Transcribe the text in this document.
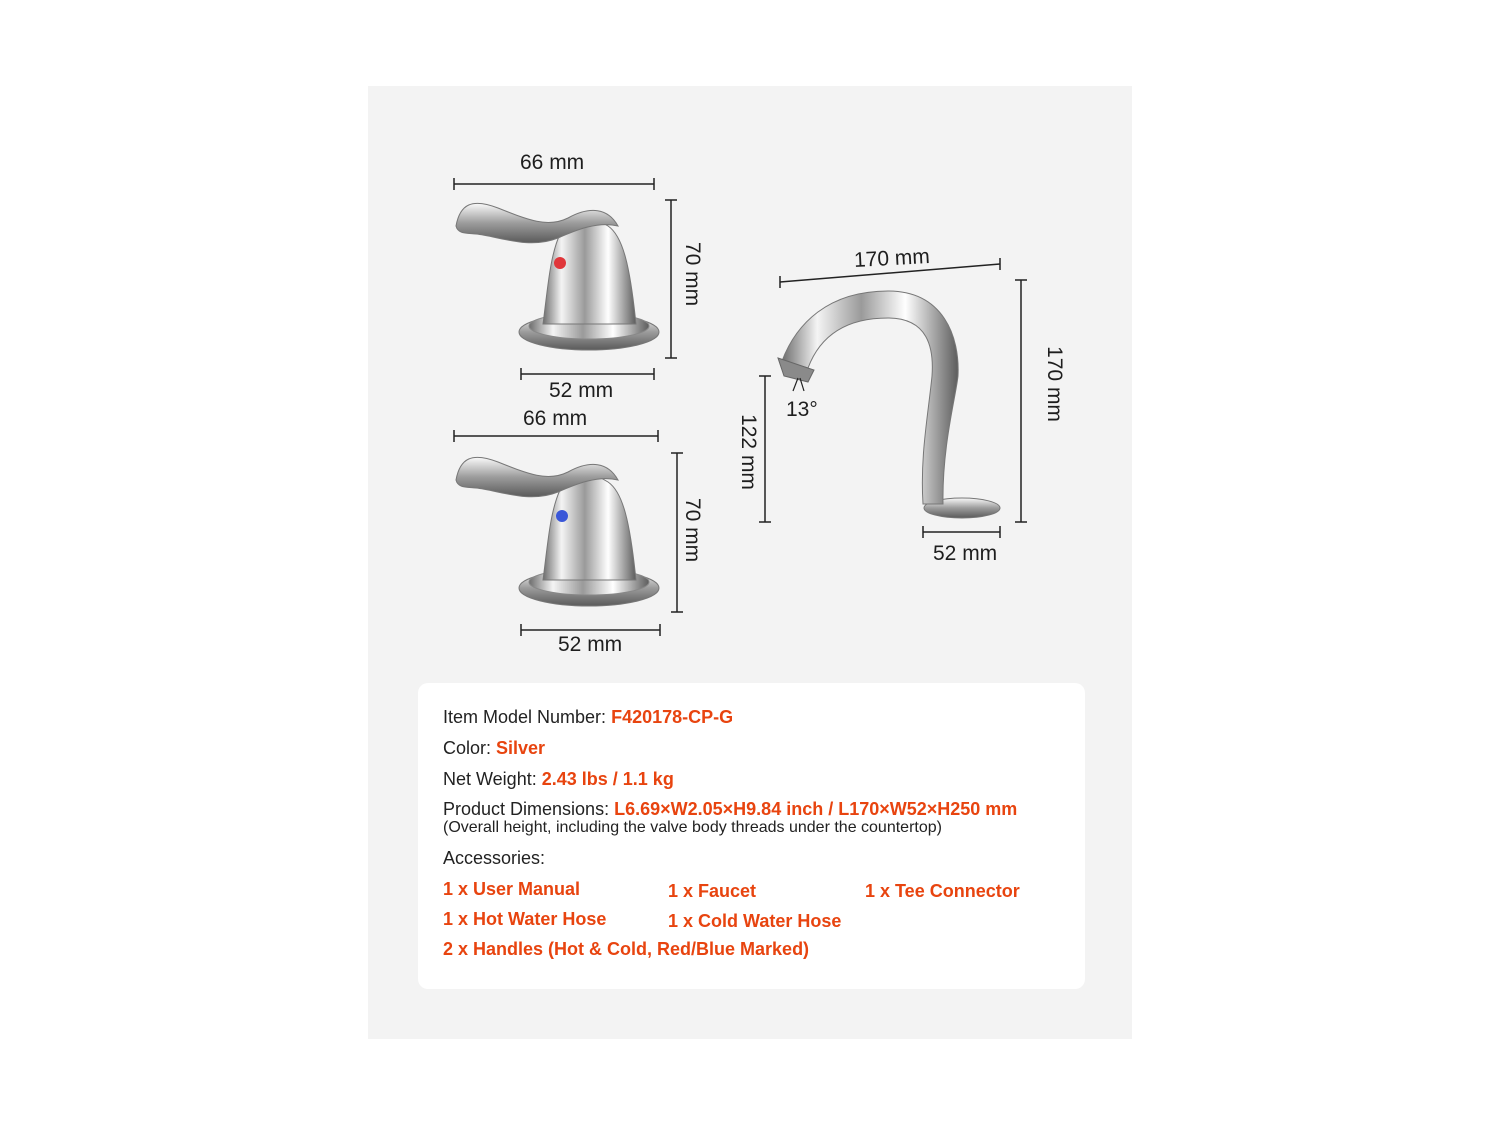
66 mm
70 mm
52 mm
66 mm
70 mm
52 mm
170 mm
170 mm
122 mm
52 mm
13°
Item Model Number: F420178-CP-G
Color: Silver
Net Weight: 2.43 lbs / 1.1 kg
Product Dimensions: L6.69×W2.05×H9.84 inch / L170×W52×H250 mm
(Overall height, including the valve body threads under the countertop)
Accessories:
1 x User Manual	1 x Faucet	1 x Tee Connector
1 x Hot Water Hose	1 x Cold Water Hose
2 x Handles (Hot & Cold, Red/Blue Marked)
